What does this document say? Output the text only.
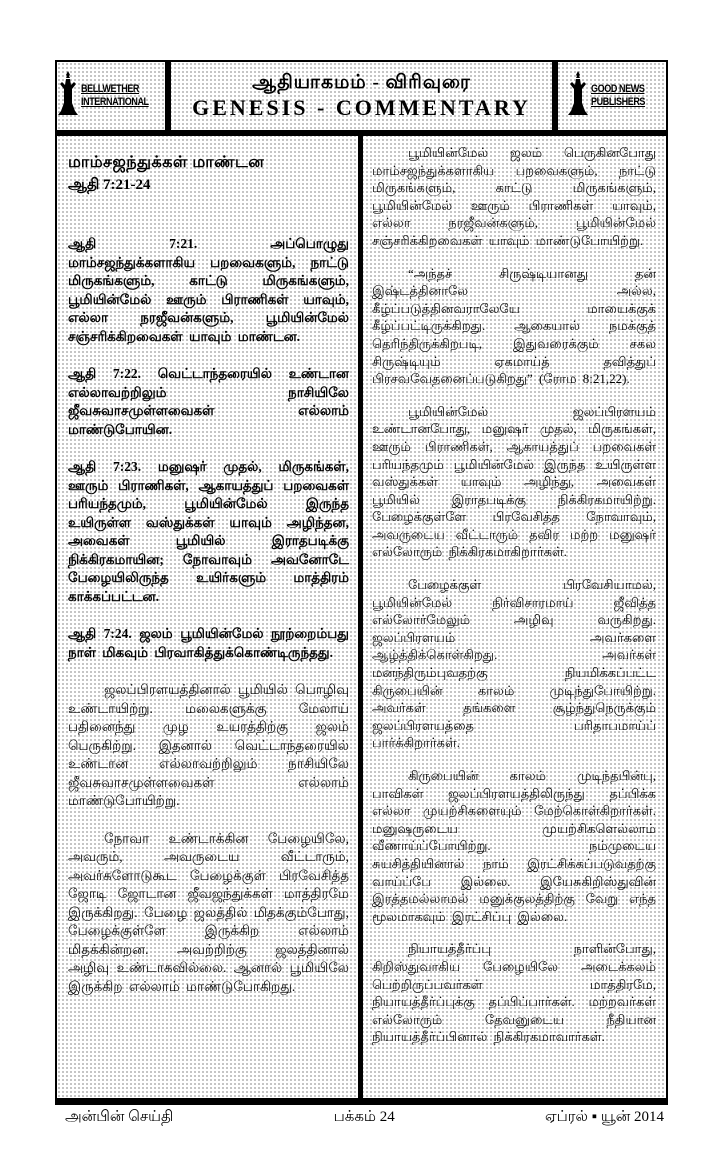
BELLWETHER
INTERNATIONAL
ஆதியாகமம் - விரிவுரை
GENESIS - COMMENTARY
GOOD NEWS
PUBLISHERS
மாம்சஜந்துக்கள் மாண்டன
ஆதி 7:21-24

ஆதி 7:21. அப்பொழுது மாம்சஜந்துக்களாகிய பறவைகளும், நாட்டு மிருகங்களும், காட்டு மிருகங்களும், பூமியின்மேல் ஊரும் பிராணிகள் யாவும், எல்லா நரஜீவன்களும், பூமியின்மேல் சஞ்சரிக்கிறவைகள் யாவும் மாண்டன.

ஆதி 7:22. வெட்டாந்தரையில் உண்டான எல்லாவற்றிலும் நாசியிலே ஜீவசுவாசமுள்ளவைகள் எல்லாம் மாண்டுபோயின.

ஆதி 7:23. மனுஷர் முதல், மிருகங்கள், ஊரும் பிராணிகள், ஆகாயத்துப் பறவைகள் பரியந்தமும், பூமியின்மேல் இருந்த உயிருள்ள வஸ்துக்கள் யாவும் அழிந்தன, அவைகள் பூமியில் இராதபடிக்கு நிக்கிரகமாயின; நோவாவும் அவனோடே பேழையிலிருந்த உயிர்களும் மாத்திரம் காக்கப்பட்டன.

ஆதி 7:24. ஜலம் பூமியின்மேல் நூற்றைம்பது நாள் மிகவும் பிரவாகித்துக்கொண்டிருந்தது.

ஜலப்பிரளயத்தினால் பூமியில் பொழிவு உண்டாயிற்று. மலைகளுக்கு மேலாய் பதினைந்து முழ உயரத்திற்கு ஜலம் பெருகிற்று. இதனால் வெட்டாந்தரையில் உண்டான எல்லாவற்றிலும் நாசியிலே ஜீவசுவாசமுள்ளவைகள் எல்லாம் மாண்டுபோயிற்று.

நோவா உண்டாக்கின பேழையிலே, அவரும், அவருடைய வீட்டாரும், அவர்களோடுகூட பேழைக்குள் பிரவேசித்த ஜோடி ஜோடான ஜீவஜந்துக்கள் மாத்திரமே இருக்கிறது. பேழை ஜலத்தில் மிதக்கும்போது, பேழைக்குள்ளே இருக்கிற எல்லாம் மிதக்கின்றன. அவற்றிற்கு ஜலத்தினால் அழிவு உண்டாகவில்லை. ஆனால் பூமியிலே இருக்கிற எல்லாம் மாண்டுபோகிறது.

பூமியின்மேல் ஜலம் பெருகினபோது மாம்சஜந்துக்களாகிய பறவைகளும், நாட்டு மிருகங்களும், காட்டு மிருகங்களும், பூமியின்மேல் ஊரும் பிராணிகள் யாவும், எல்லா நரஜீவன்களும், பூமியின்மேல் சஞ்சரிக்கிறவைகள் யாவும் மாண்டுபோயிற்று.

“அந்தச் சிருஷ்டியானது தன் இஷ்டத்தினாலே அல்ல, கீழ்ப்படுத்தினவராலேயே மாயைக்குக் கீழ்ப்பட்டிருக்கிறது. ஆகையால் நமக்குத் தெரிந்திருக்கிறபடி, இதுவரைக்கும் சகல சிருஷ்டியும் ஏகமாய்த் தவித்துப் பிரசவவேதனைப்படுகிறது” (ரோம 8:21,22).

பூமியின்மேல் ஜலப்பிரளயம் உண்டானபோது, மனுஷர் முதல், மிருகங்கள், ஊரும் பிராணிகள், ஆகாயத்துப் பறவைகள் பரியந்தமும் பூமியின்மேல் இருந்த உயிருள்ள வஸ்துக்கள் யாவும் அழிந்து, அவைகள் பூமியில் இராதபடிக்கு நிக்கிரகமாயிற்று. பேழைக்குள்ளே பிரவேசித்த நோவாவும், அவருடைய வீட்டாரும் தவிர மற்ற மனுஷர் எல்லோரும் நிக்கிரகமாகிறார்கள்.

பேழைக்குள் பிரவேசியாமல், பூமியின்மேல் நிர்விசாரமாய் ஜீவித்த எல்லோர்மேலும் அழிவு வருகிறது. ஜலப்பிரளயம் அவர்களை ஆழ்த்திக்கொள்கிறது. அவர்கள் மனந்திரும்புவதற்கு நியமிக்கப்பட்ட கிருபையின் காலம் முடிந்துபோயிற்று. அவர்கள் தங்களை சூழ்ந்துநெருக்கும் ஜலப்பிரளயத்தை பரிதாபமாய்ப் பார்க்கிறார்கள்.

கிருபையின் காலம் முடிந்தபின்பு, பாவிகள் ஜலப்பிரளயத்திலிருந்து தப்பிக்க எல்லா முயற்சிகளையும் மேற்கொள்கிறார்கள். மனுஷருடைய முயற்சிகளெல்லாம் வீணாய்ப்போயிற்று. நம்முடைய சுயசித்தியினால் நாம் இரட்சிக்கப்படுவதற்கு வாய்ப்பே இல்லை. இயேசுகிறிஸ்துவின் இரத்தமல்லாமல் மனுக்குலத்திற்கு வேறு எந்த மூலமாகவும் இரட்சிப்பு இல்லை.

நியாயத்தீர்ப்பு நாளின்போது, கிறிஸ்துவாகிய பேழையிலே அடைக்கலம் பெற்றிருப்பவர்கள் மாத்திரமே, நியாயத்தீர்ப்புக்கு தப்பிப்பார்கள். மற்றவர்கள் எல்லோரும் தேவனுடைய நீதியான நியாயத்தீர்ப்பினால் நிக்கிரகமாவார்கள்.

அன்பின் செய்தி	பக்கம் 24	ஏப்ரல் ▪ யூன் 2014
